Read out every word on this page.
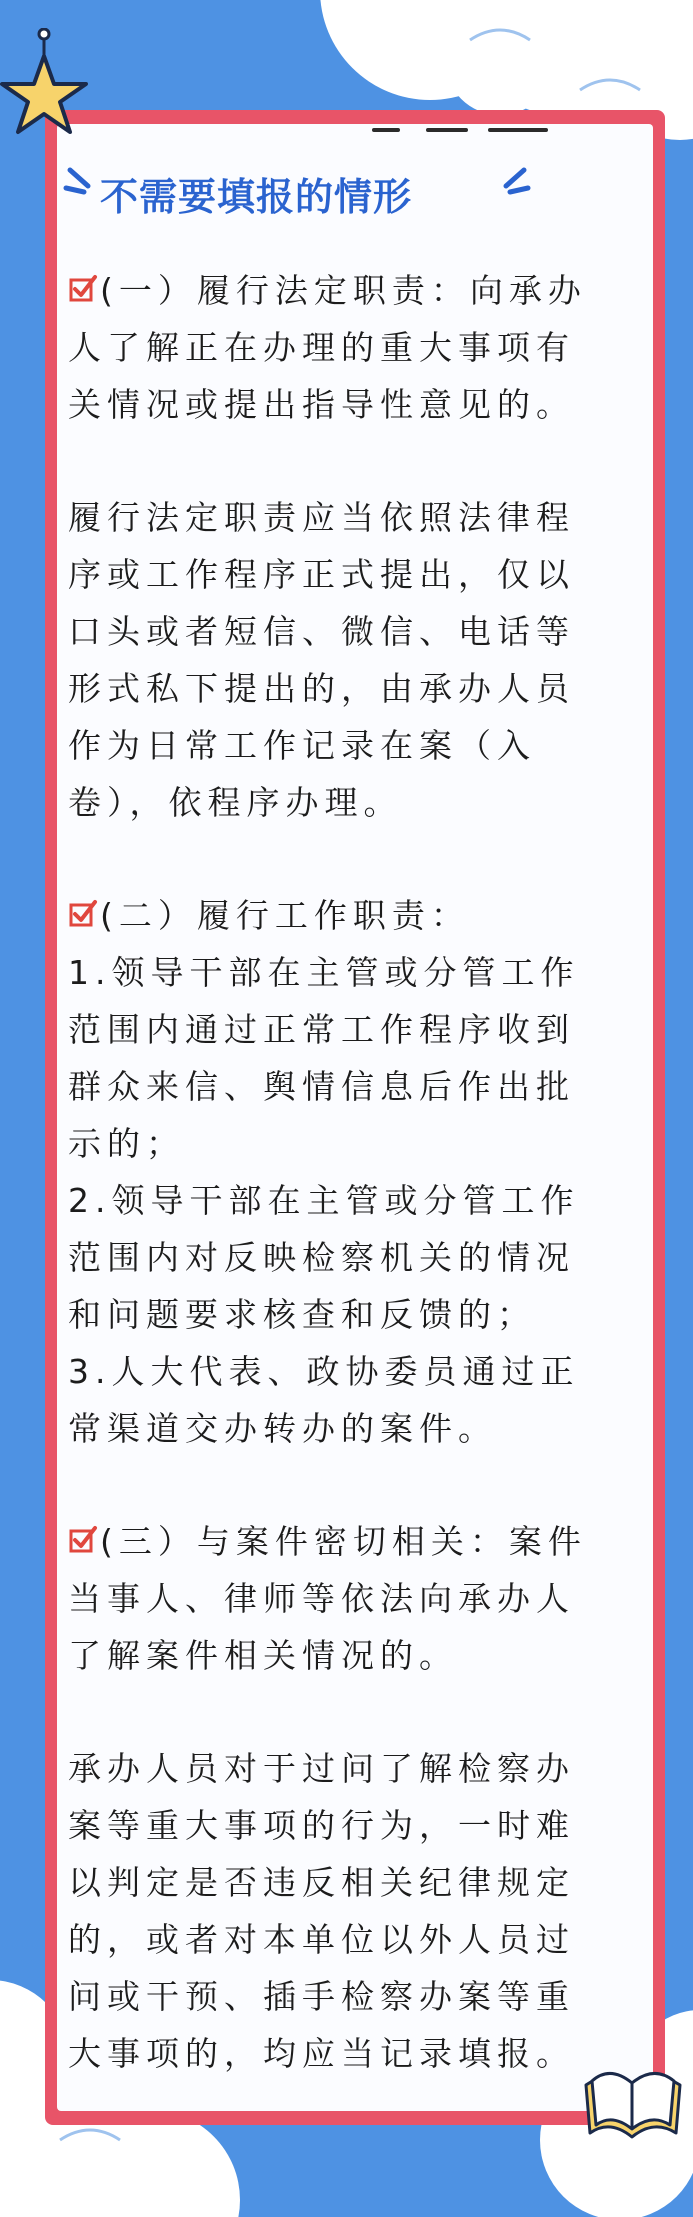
不需要填报的情形
(一）履行法定职责：向承办
人了解正在办理的重大事项有
关情况或提出指导性意见的。
履行法定职责应当依照法律程
序或工作程序正式提出，仅以
口头或者短信、微信、电话等
形式私下提出的，由承办人员
作为日常工作记录在案（入
卷），依程序办理。
(二）履行工作职责：
1.领导干部在主管或分管工作
范围内通过正常工作程序收到
群众来信、舆情信息后作出批
示的；
2.领导干部在主管或分管工作
范围内对反映检察机关的情况
和问题要求核查和反馈的；
3.人大代表、政协委员通过正
常渠道交办转办的案件。
(三）与案件密切相关：案件
当事人、律师等依法向承办人
了解案件相关情况的。
承办人员对于过问了解检察办
案等重大事项的行为，一时难
以判定是否违反相关纪律规定
的，或者对本单位以外人员过
问或干预、插手检察办案等重
大事项的，均应当记录填报。
